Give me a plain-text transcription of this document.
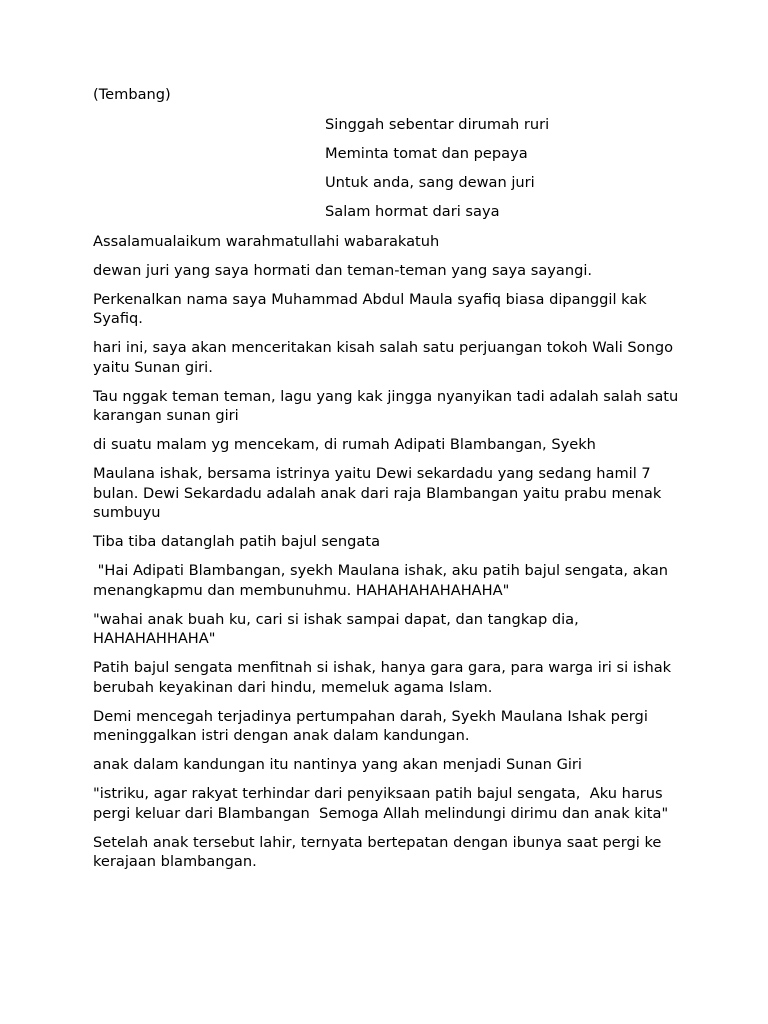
(Tembang)

Singgah sebentar dirumah ruri

Meminta tomat dan pepaya

Untuk anda, sang dewan juri

Salam hormat dari saya

Assalamualaikum warahmatullahi wabarakatuh

dewan juri yang saya hormati dan teman-teman yang saya sayangi.

Perkenalkan nama saya Muhammad Abdul Maula syafiq biasa dipanggil kak Syafiq.

hari ini, saya akan menceritakan kisah salah satu perjuangan tokoh Wali Songo yaitu Sunan giri.

Tau nggak teman teman, lagu yang kak jingga nyanyikan tadi adalah salah satu karangan sunan giri

di suatu malam yg mencekam, di rumah Adipati Blambangan, Syekh

Maulana ishak, bersama istrinya yaitu Dewi sekardadu yang sedang hamil 7 bulan. Dewi Sekardadu adalah anak dari raja Blambangan yaitu prabu menak sumbuyu

Tiba tiba datanglah patih bajul sengata

"Hai Adipati Blambangan, syekh Maulana ishak, aku patih bajul sengata, akan menangkapmu dan membunuhmu. HAHAHAHAHAHAHA"

"wahai anak buah ku, cari si ishak sampai dapat, dan tangkap dia, HAHAHAHHAHA"

Patih bajul sengata menfitnah si ishak, hanya gara gara, para warga iri si ishak berubah keyakinan dari hindu, memeluk agama Islam.

Demi mencegah terjadinya pertumpahan darah, Syekh Maulana Ishak pergi meninggalkan istri dengan anak dalam kandungan.

anak dalam kandungan itu nantinya yang akan menjadi Sunan Giri

"istriku, agar rakyat terhindar dari penyiksaan patih bajul sengata,  Aku harus pergi keluar dari Blambangan  Semoga Allah melindungi dirimu dan anak kita"

Setelah anak tersebut lahir, ternyata bertepatan dengan ibunya saat pergi ke kerajaan blambangan.
